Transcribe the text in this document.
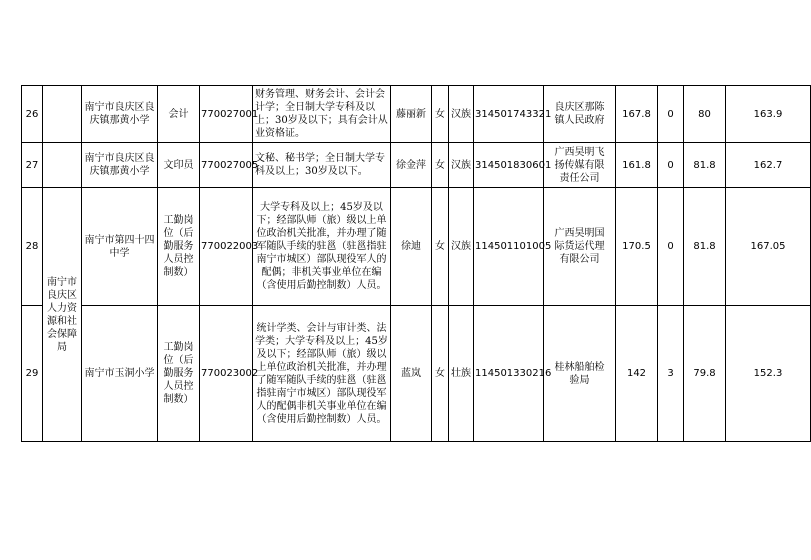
26		南宁市良庆区良庆镇那黄小学	会计	770027001	财务管理、财务会计、会计会计学；全日制大学专科及以上；30岁及以下；具有会计从业资格证。	藤丽新	女	汉族	314501743321	良庆区那陈镇人民政府	167.8	0	80	163.9
27		南宁市良庆区良庆镇那黄小学	文印员	770027005	文秘、秘书学；全日制大学专科及以上；30岁及以下。	徐金萍	女	汉族	314501830601	广西昊明飞扬传媒有限责任公司	161.8	0	81.8	162.7
28	南宁市良庆区人力资源和社会保障局	南宁市第四十四中学	工勤岗位（后勤服务人员控制数）	770022003	大学专科及以上；45岁及以下；经部队师（旅）级以上单位政治机关批准，并办理了随军随队手续的驻邕（驻邕指驻南宁市城区）部队现役军人的配偶；非机关事业单位在编（含使用后勤控制数）人员。	徐迪	女	汉族	114501101005	广西昊明国际货运代理有限公司	170.5	0	81.8	167.05
29		南宁市玉洞小学	工勤岗位（后勤服务人员控制数）	770023002	统计学类、会计与审计类、法学类；大学专科及以上；45岁及以下；经部队师（旅）级以上单位政治机关批准，并办理了随军随队手续的驻邕（驻邕指驻南宁市城区）部队现役军人的配偶非机关事业单位在编（含使用后勤控制数）人员。	蓝岚	女	壮族	114501330216	桂林船舶检验局	142	3	79.8	152.3
